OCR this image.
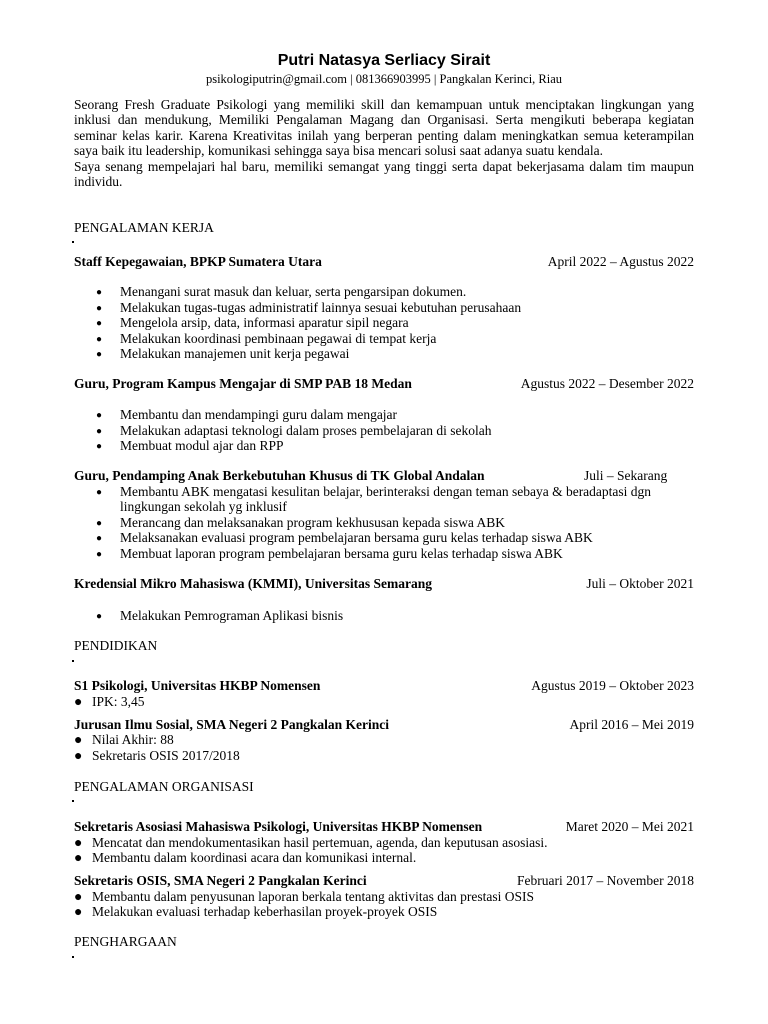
Putri Natasya Serliacy Sirait
psikologiputrin@gmail.com | 081366903995 | Pangkalan Kerinci, Riau

Seorang Fresh Graduate Psikologi yang memiliki skill dan kemampuan untuk menciptakan lingkungan yang inklusi dan mendukung, Memiliki Pengalaman Magang dan Organisasi. Serta mengikuti beberapa kegiatan seminar kelas karir. Karena Kreativitas inilah yang berperan penting dalam meningkatkan semua keterampilan saya baik itu leadership, komunikasi sehingga saya bisa mencari solusi saat adanya suatu kendala.

Saya senang mempelajari hal baru, memiliki semangat yang tinggi serta dapat bekerjasama dalam tim maupun individu.

PENGALAMAN KERJA
Staff Kepegawaian, BPKP Sumatera Utara	April 2022 – Agustus 2022
● Menangani surat masuk dan keluar, serta pengarsipan dokumen.
● Melakukan tugas-tugas administratif lainnya sesuai kebutuhan perusahaan
● Mengelola arsip, data, informasi aparatur sipil negara
● Melakukan koordinasi pembinaan pegawai di tempat kerja
● Melakukan manajemen unit kerja pegawai
Guru, Program Kampus Mengajar di SMP PAB 18 Medan	Agustus 2022 – Desember 2022
● Membantu dan mendampingi guru dalam mengajar
● Melakukan adaptasi teknologi dalam proses pembelajaran di sekolah
● Membuat modul ajar dan RPP
Guru, Pendamping Anak Berkebutuhan Khusus di TK Global Andalan	Juli – Sekarang
● Membantu ABK mengatasi kesulitan belajar, berinteraksi dengan teman sebaya & beradaptasi dgn
lingkungan sekolah yg inklusif
● Merancang dan melaksanakan program kekhususan kepada siswa ABK
● Melaksanakan evaluasi program pembelajaran bersama guru kelas terhadap siswa ABK
● Membuat laporan program pembelajaran bersama guru kelas terhadap siswa ABK
Kredensial Mikro Mahasiswa (KMMI), Universitas Semarang	Juli – Oktober 2021
● Melakukan Pemrograman Aplikasi bisnis
PENDIDIKAN
S1 Psikologi, Universitas HKBP Nomensen	Agustus 2019 – Oktober 2023
● IPK: 3,45
Jurusan Ilmu Sosial, SMA Negeri 2 Pangkalan Kerinci	April 2016 – Mei 2019
● Nilai Akhir: 88
● Sekretaris OSIS 2017/2018
PENGALAMAN ORGANISASI
Sekretaris Asosiasi Mahasiswa Psikologi, Universitas HKBP Nomensen	Maret 2020 – Mei 2021
● Mencatat dan mendokumentasikan hasil pertemuan, agenda, dan keputusan asosiasi.
● Membantu dalam koordinasi acara dan komunikasi internal.
Sekretaris OSIS, SMA Negeri 2 Pangkalan Kerinci	Februari 2017 – November 2018
● Membantu dalam penyusunan laporan berkala tentang aktivitas dan prestasi OSIS
● Melakukan evaluasi terhadap keberhasilan proyek-proyek OSIS
PENGHARGAAN
